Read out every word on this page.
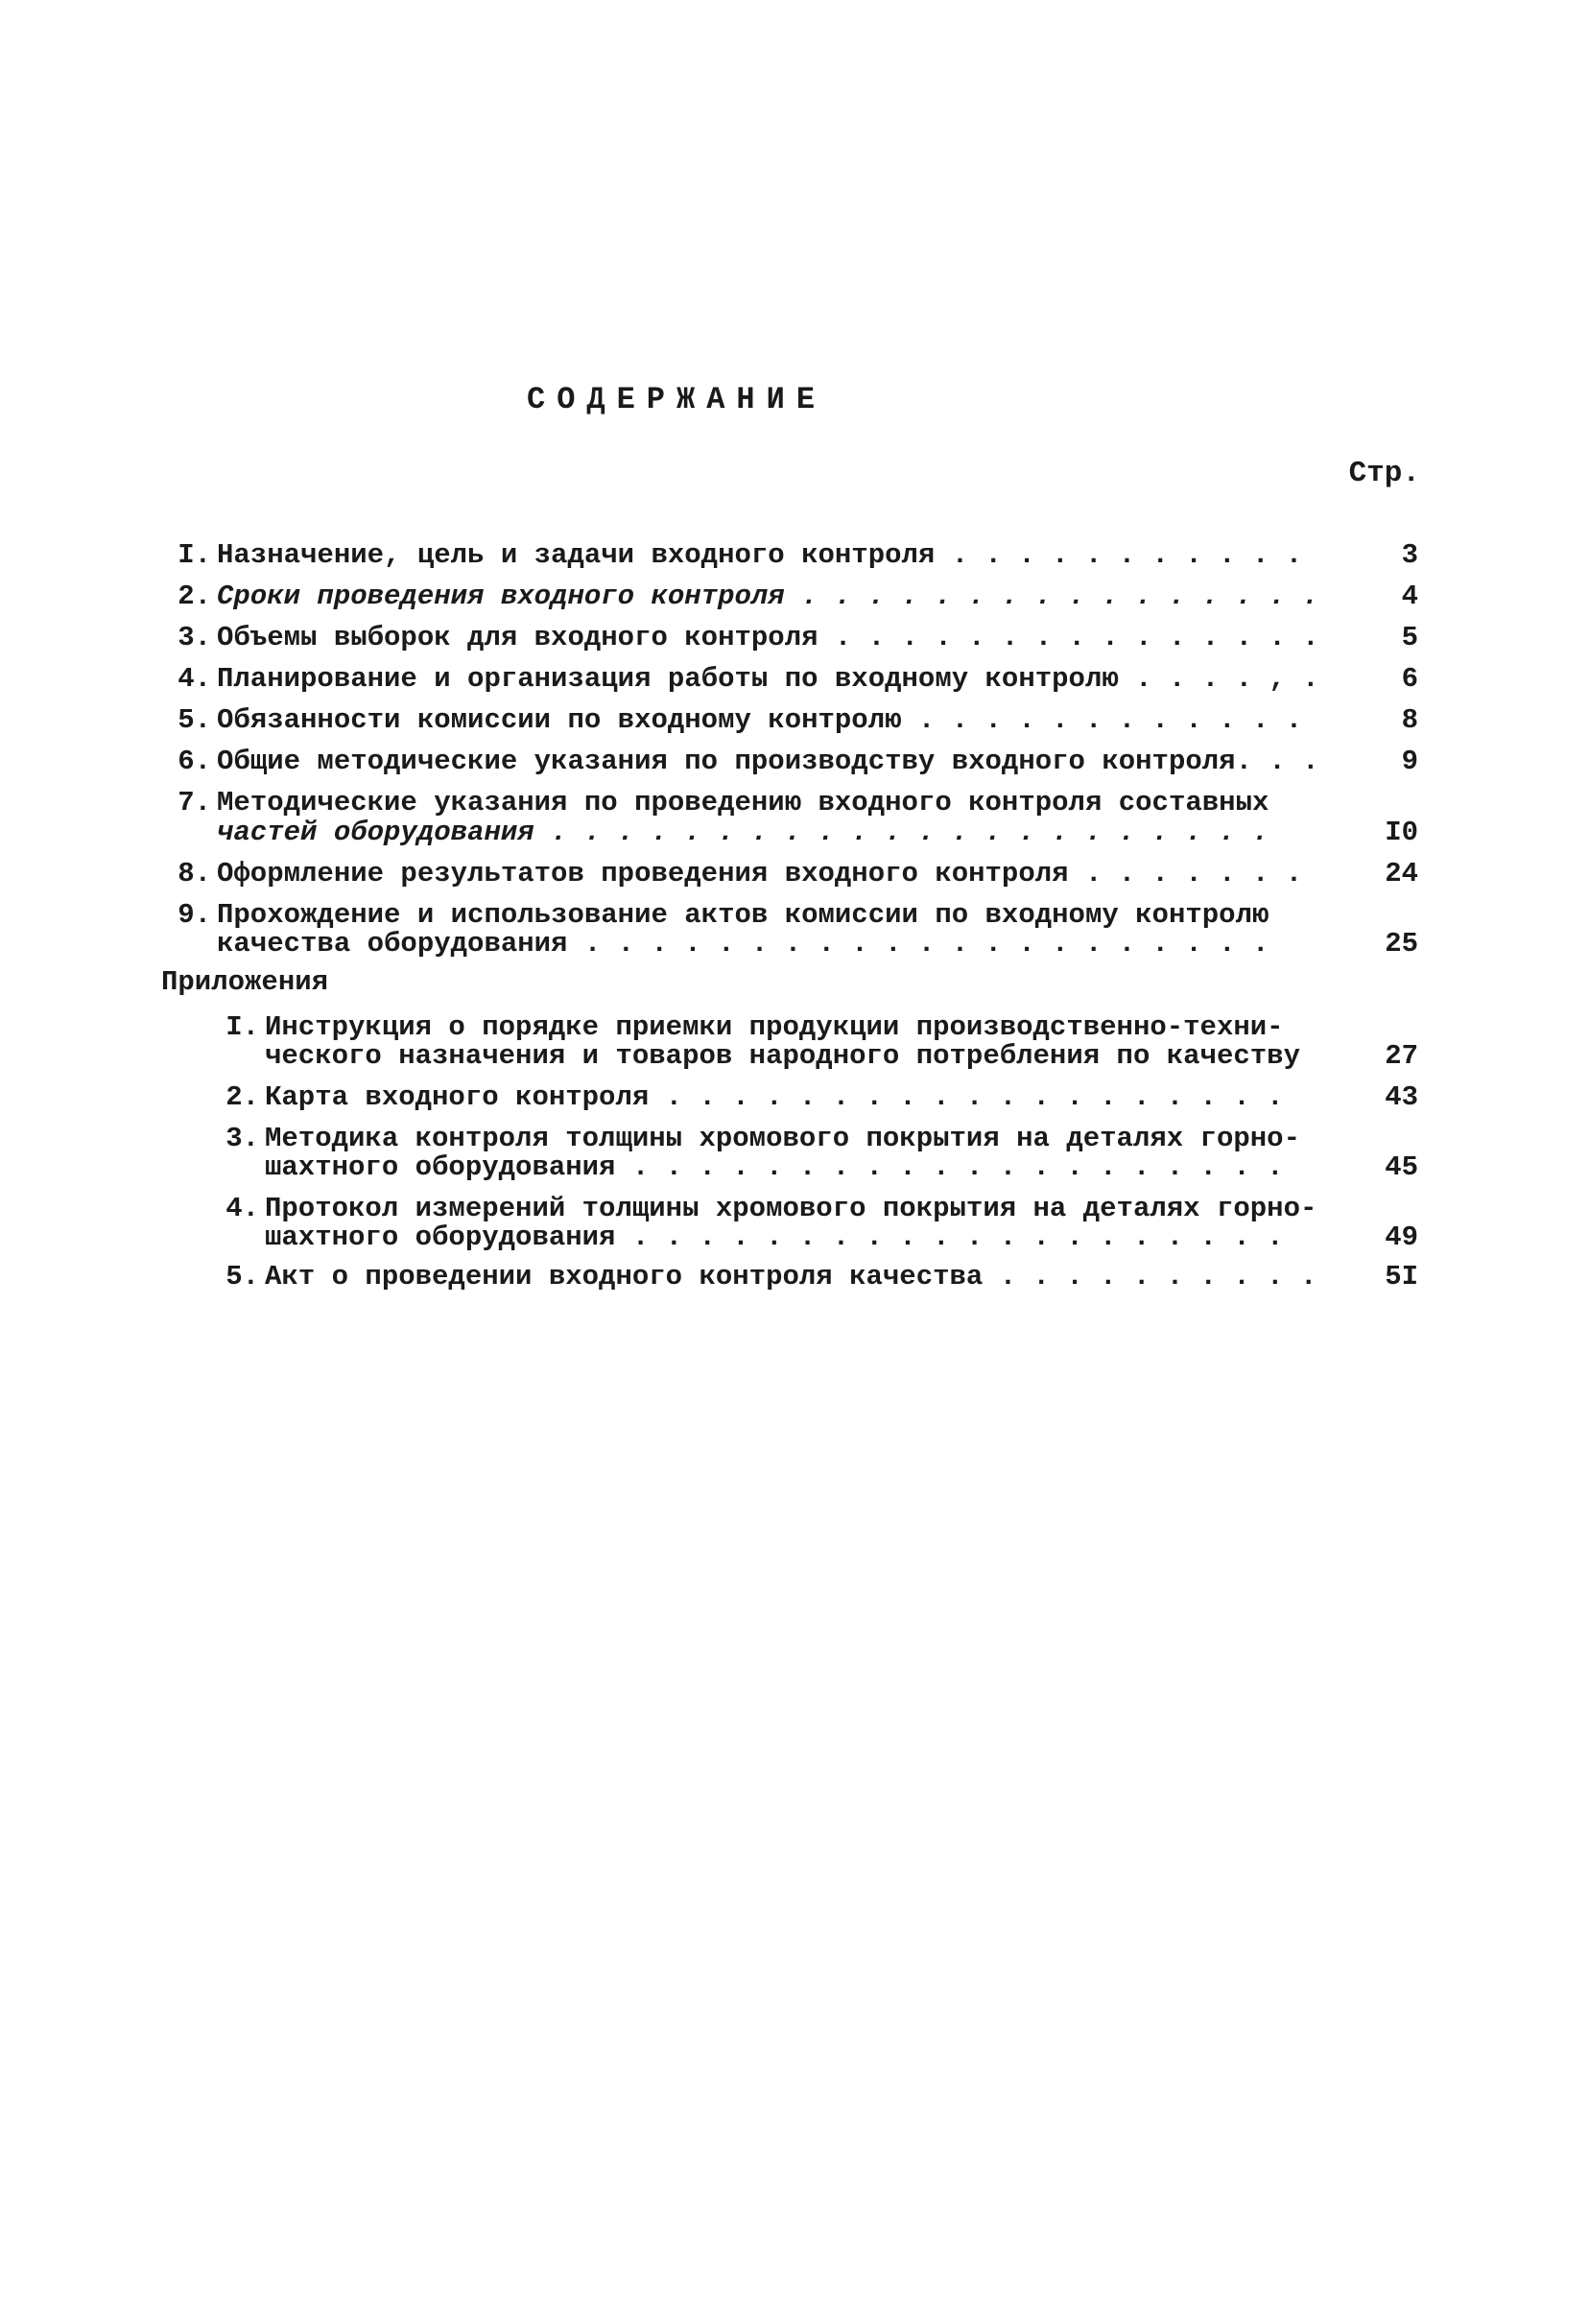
СОДЕРЖАНИЕ
Стр.
I. Назначение, цель и задачи входного контроля . . . . . . . . . . .	3
2. Сроки проведения входного контроля . . . . . . . . . . . . . . . .	4
3. Объемы выборок для входного контроля . . . . . . . . . . . . . . .	5
4. Планирование и организация работы по входному контролю . . . . , .	6
5. Обязанности комиссии по входному контролю . . . . . . . . . . . .	8
6. Общие методические указания по производству входного контроля. . .	9
7. Методические указания по проведению входного контроля составных
частей оборудования . . . . . . . . . . . . . . . . . . . . . .	I0
8. Оформление результатов проведения входного контроля . . . . . . .	24
9. Прохождение и использование актов комиссии по входному контролю
качества оборудования . . . . . . . . . . . . . . . . . . . . .	25
Приложения
I. Инструкция о порядке приемки продукции производственно-техни-
ческого назначения и товаров народного потребления по качеству	27
2. Карта входного контроля . . . . . . . . . . . . . . . . . . .	43
3. Методика контроля толщины хромового покрытия на деталях горно-
шахтного оборудования . . . . . . . . . . . . . . . . . . . .	45
4. Протокол измерений толщины хромового покрытия на деталях горно-
шахтного оборудования . . . . . . . . . . . . . . . . . . . .	49
5. Акт о проведении входного контроля качества . . . . . . . . . .	5I
